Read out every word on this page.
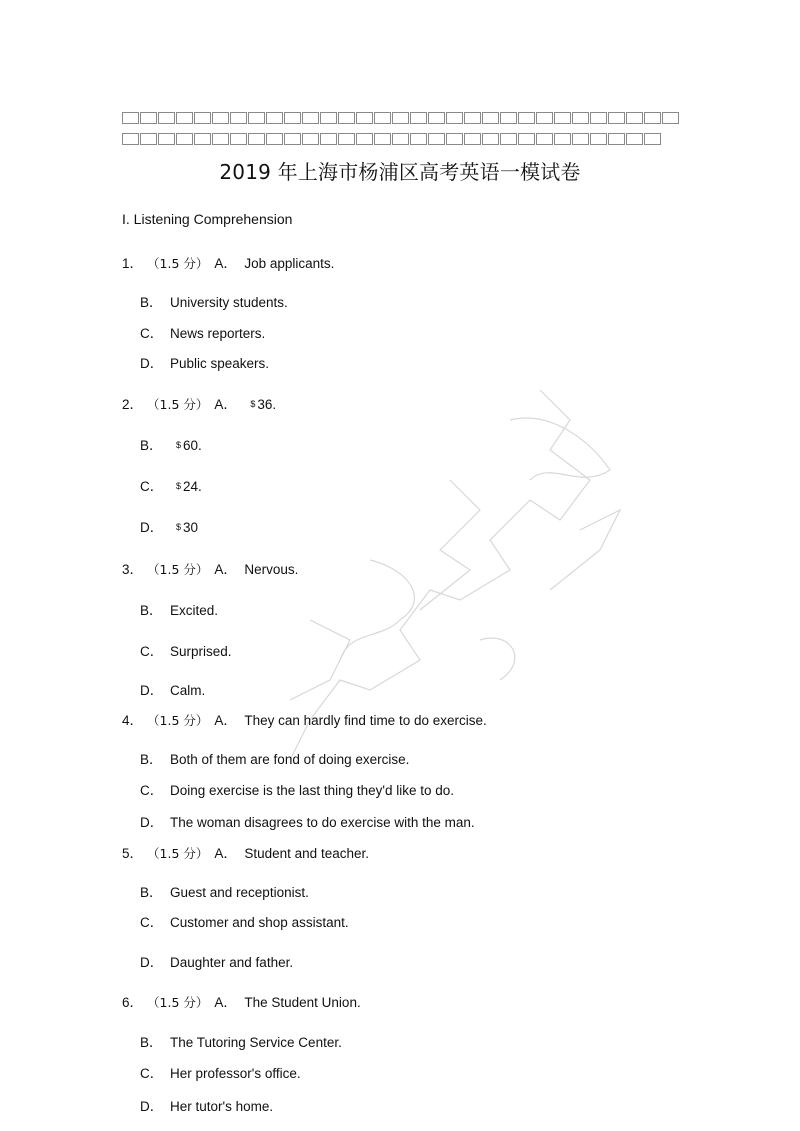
2019 年上海市杨浦区高考英语一模试卷
I. Listening Comprehension
1． （1.5 分） A． Job applicants.
B． University students.
C． News reporters.
D． Public speakers.
2． （1.5 分） A． $ 36.
B． $ 60.
C． $ 24.
D． $ 30
3． （1.5 分） A． Nervous.
B． Excited.
C． Surprised.
D． Calm.
4． （1.5 分） A． They can hardly find time to do exercise.
B． Both of them are fond of doing exercise.
C． Doing exercise is the last thing they'd like to do.
D． The woman disagrees to do exercise with the man.
5． （1.5 分） A． Student and teacher.
B． Guest and receptionist.
C． Customer and shop assistant.
D． Daughter and father.
6． （1.5 分） A． The Student Union.
B． The Tutoring Service Center.
C． Her professor's office.
D． Her tutor's home.
